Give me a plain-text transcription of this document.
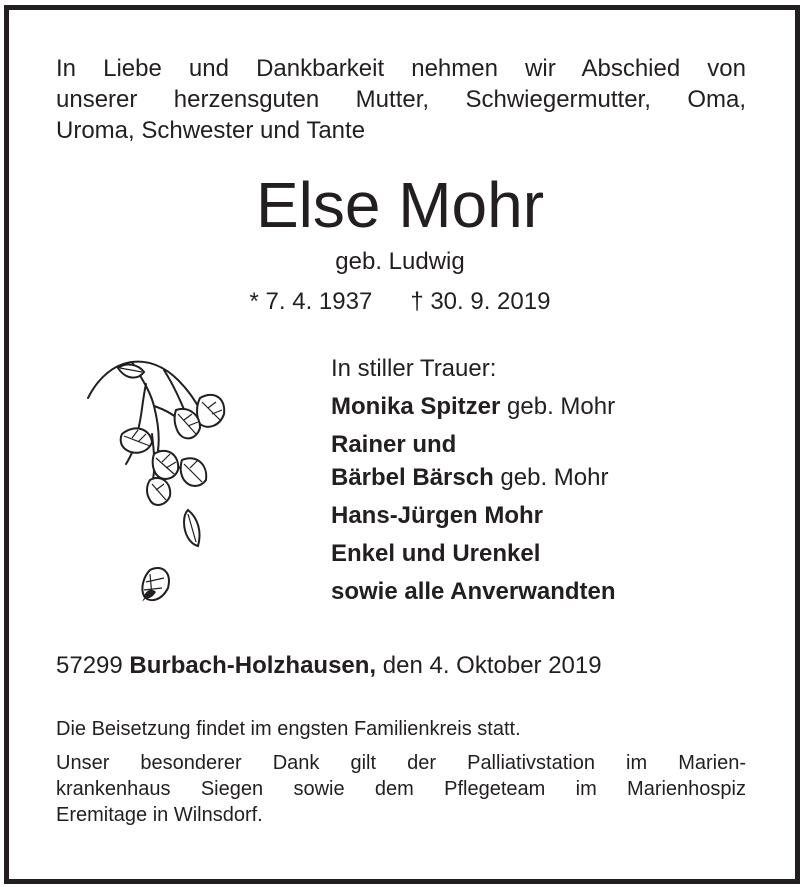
In Liebe und Dankbarkeit nehmen wir Abschied von
unserer herzensguten Mutter, Schwiegermutter, Oma,
Uroma, Schwester und Tante
Else Mohr
geb. Ludwig
* 7. 4. 1937 † 30. 9. 2019
In stiller Trauer:
Monika Spitzer geb. Mohr
Rainer und
Bärbel Bärsch geb. Mohr
Hans-Jürgen Mohr
Enkel und Urenkel
sowie alle Anverwandten
57299 Burbach-Holzhausen, den 4. Oktober 2019
Die Beisetzung findet im engsten Familienkreis statt.
Unser besonderer Dank gilt der Palliativstation im Marien-
krankenhaus Siegen sowie dem Pflegeteam im Marienhospiz
Eremitage in Wilnsdorf.
